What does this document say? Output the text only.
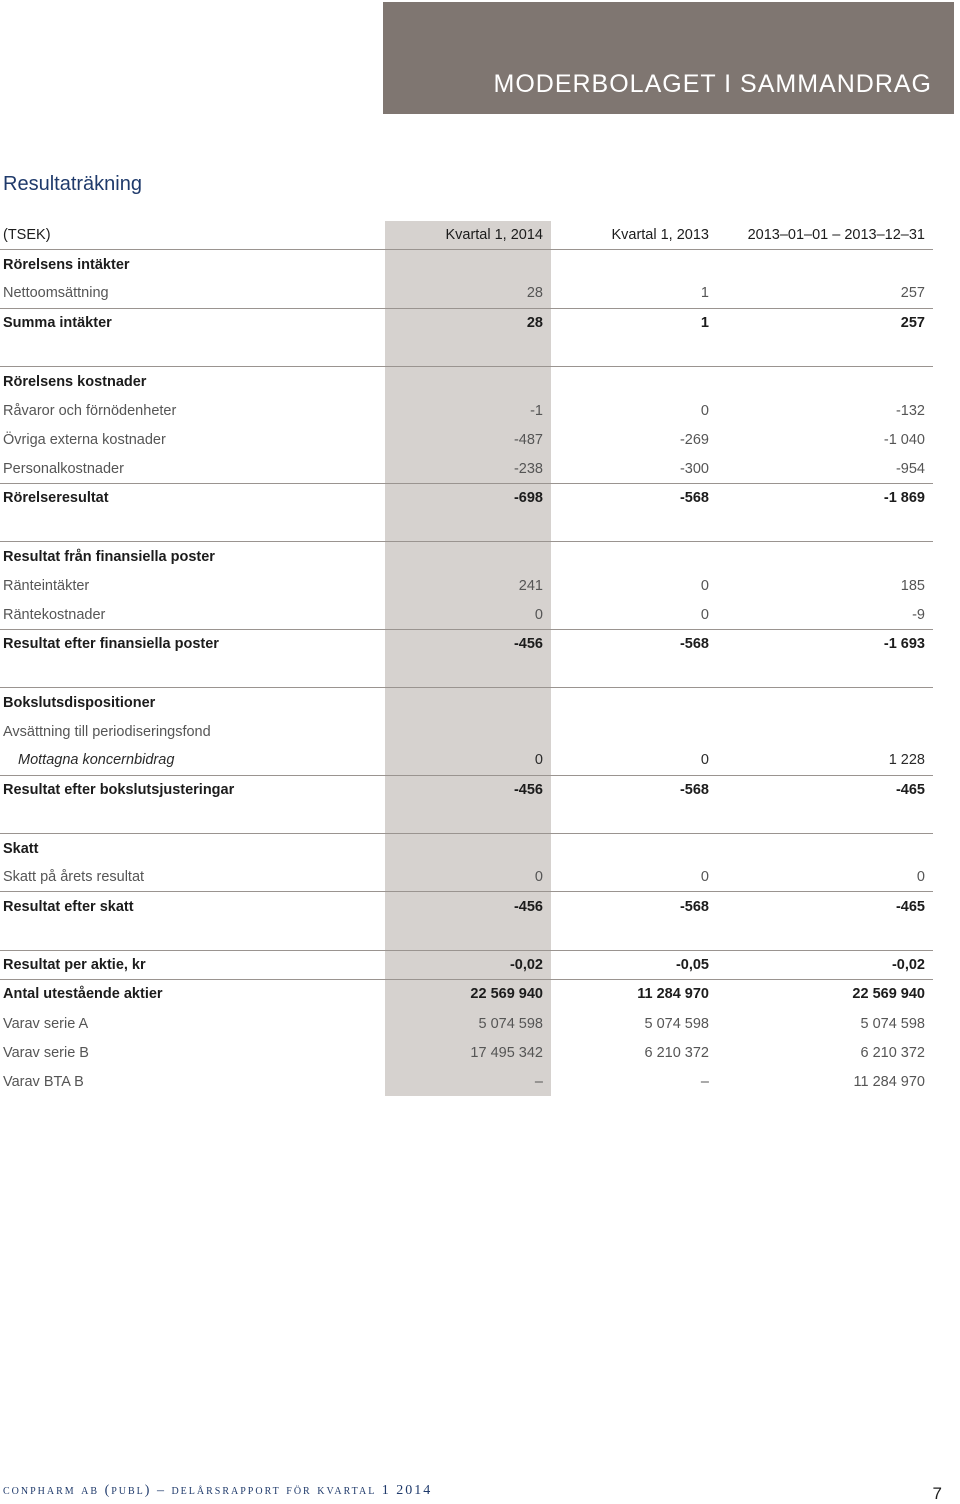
MODERBOLAGET I SAMMANDRAG
Resultaträkning
(TSEK)	Kvartal 1, 2014	Kvartal 1, 2013	2013–01–01 – 2013–12–31
Rörelsens intäkter
Nettoomsättning	28	1	257
Summa intäkter	28	1	257
Rörelsens kostnader
Råvaror och förnödenheter	-1	0	-132
Övriga externa kostnader	-487	-269	-1 040
Personalkostnader	-238	-300	-954
Rörelseresultat	-698	-568	-1 869
Resultat från finansiella poster
Ränteintäkter	241	0	185
Räntekostnader	0	0	-9
Resultat efter finansiella poster	-456	-568	-1 693
Bokslutsdispositioner
Avsättning till periodiseringsfond
Mottagna koncernbidrag	0	0	1 228
Resultat efter bokslutsjusteringar	-456	-568	-465
Skatt
Skatt på årets resultat	0	0	0
Resultat efter skatt	-456	-568	-465
Resultat per aktie, kr	-0,02	-0,05	-0,02
Antal utestående aktier	22 569 940	11 284 970	22 569 940
Varav serie A	5 074 598	5 074 598	5 074 598
Varav serie B	17 495 342	6 210 372	6 210 372
Varav BTA B	–	–	11 284 970
conpharm ab (publ) – delårsrapport för kvartal 1 2014	7
